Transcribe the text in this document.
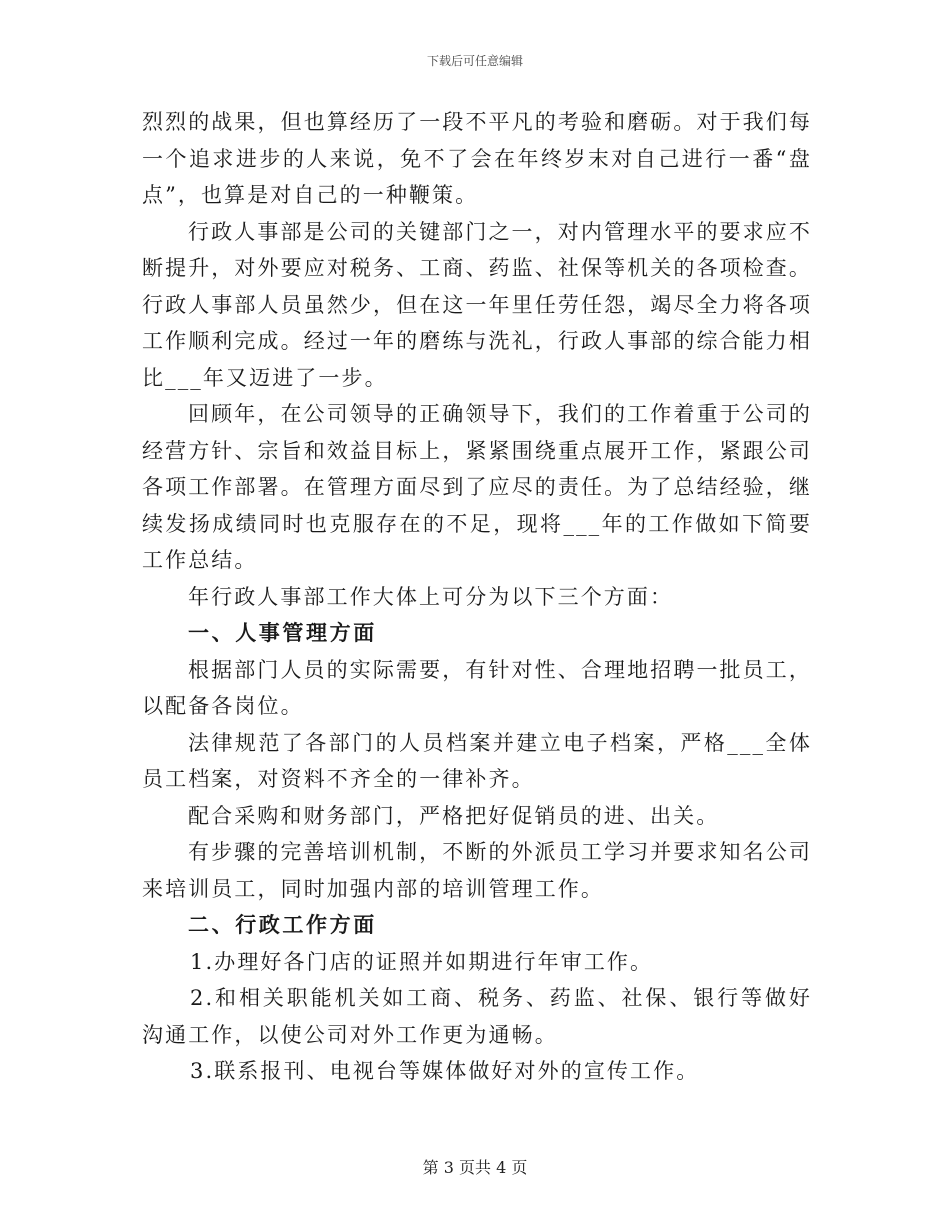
下载后可任意编辑

烈烈的战果，但也算经历了一段不平凡的考验和磨砺。对于我们每一个追求进步的人来说，免不了会在年终岁末对自己进行一番“盘点”，也算是对自己的一种鞭策。

行政人事部是公司的关键部门之一，对内管理水平的要求应不断提升，对外要应对税务、工商、药监、社保等机关的各项检查。行政人事部人员虽然少，但在这一年里任劳任怨，竭尽全力将各项工作顺利完成。经过一年的磨练与洗礼，行政人事部的综合能力相比___年又迈进了一步。

回顾年，在公司领导的正确领导下，我们的工作着重于公司的经营方针、宗旨和效益目标上，紧紧围绕重点展开工作，紧跟公司各项工作部署。在管理方面尽到了应尽的责任。为了总结经验，继续发扬成绩同时也克服存在的不足，现将___年的工作做如下简要工作总结。

年行政人事部工作大体上可分为以下三个方面：

一、人事管理方面

根据部门人员的实际需要，有针对性、合理地招聘一批员工，以配备各岗位。

法律规范了各部门的人员档案并建立电子档案，严格___全体员工档案，对资料不齐全的一律补齐。

配合采购和财务部门，严格把好促销员的进、出关。

有步骤的完善培训机制，不断的外派员工学习并要求知名公司来培训员工，同时加强内部的培训管理工作。

二、行政工作方面

1.办理好各门店的证照并如期进行年审工作。

2.和相关职能机关如工商、税务、药监、社保、银行等做好沟通工作，以使公司对外工作更为通畅。

3.联系报刊、电视台等媒体做好对外的宣传工作。

第 3 页共 4 页
